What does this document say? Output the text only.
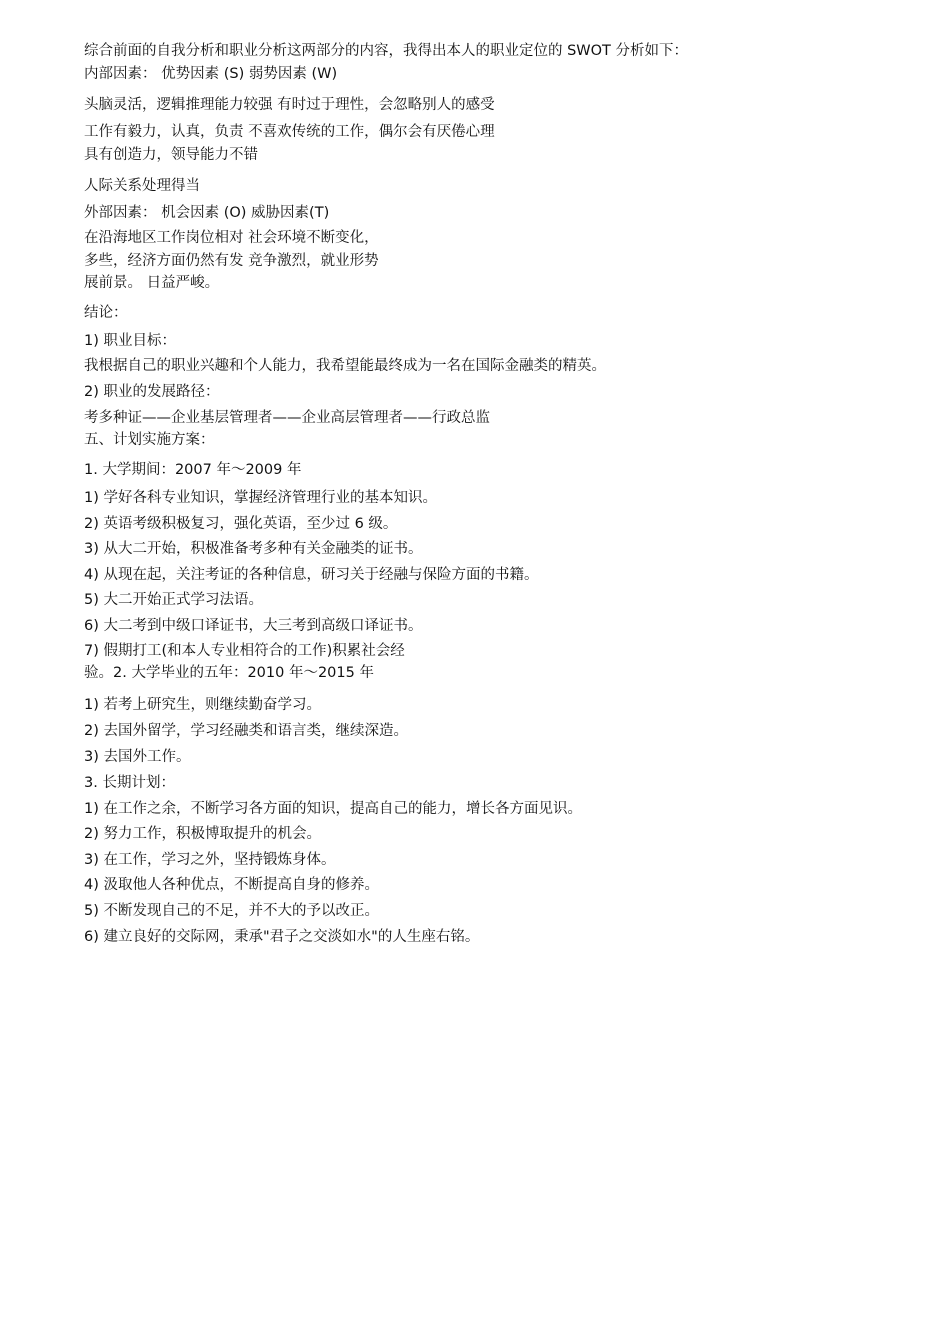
综合前面的自我分析和职业分析这两部分的内容，我得出本人的职业定位的 SWOT 分析如下：
内部因素： 优势因素 (S) 弱势因素 (W)
头脑灵活，逻辑推理能力较强 有时过于理性，会忽略别人的感受
工作有毅力，认真，负责 不喜欢传统的工作，偶尔会有厌倦心理
具有创造力，领导能力不错
人际关系处理得当
外部因素： 机会因素 (O) 威胁因素(T)
在沿海地区工作岗位相对 社会环境不断变化，
多些，经济方面仍然有发 竞争激烈，就业形势
展前景。 日益严峻。
结论：
1) 职业目标：
我根据自己的职业兴趣和个人能力，我希望能最终成为一名在国际金融类的精英。
2) 职业的发展路径：
考多种证——企业基层管理者——企业高层管理者——行政总监
五、计划实施方案：
1. 大学期间：2007 年～2009 年
1) 学好各科专业知识，掌握经济管理行业的基本知识。
2) 英语考级积极复习，强化英语，至少过 6 级。
3) 从大二开始，积极准备考多种有关金融类的证书。
4) 从现在起，关注考证的各种信息，研习关于经融与保险方面的书籍。
5) 大二开始正式学习法语。
6) 大二考到中级口译证书，大三考到高级口译证书。
7) 假期打工(和本人专业相符合的工作)积累社会经
验。2. 大学毕业的五年：2010 年～2015 年
1) 若考上研究生，则继续勤奋学习。
2) 去国外留学，学习经融类和语言类，继续深造。
3) 去国外工作。
3. 长期计划：
1) 在工作之余，不断学习各方面的知识，提高自己的能力，增长各方面见识。
2) 努力工作，积极博取提升的机会。
3) 在工作，学习之外，坚持锻炼身体。
4) 汲取他人各种优点，不断提高自身的修养。
5) 不断发现自己的不足，并不大的予以改正。
6) 建立良好的交际网，秉承"君子之交淡如水"的人生座右铭。
